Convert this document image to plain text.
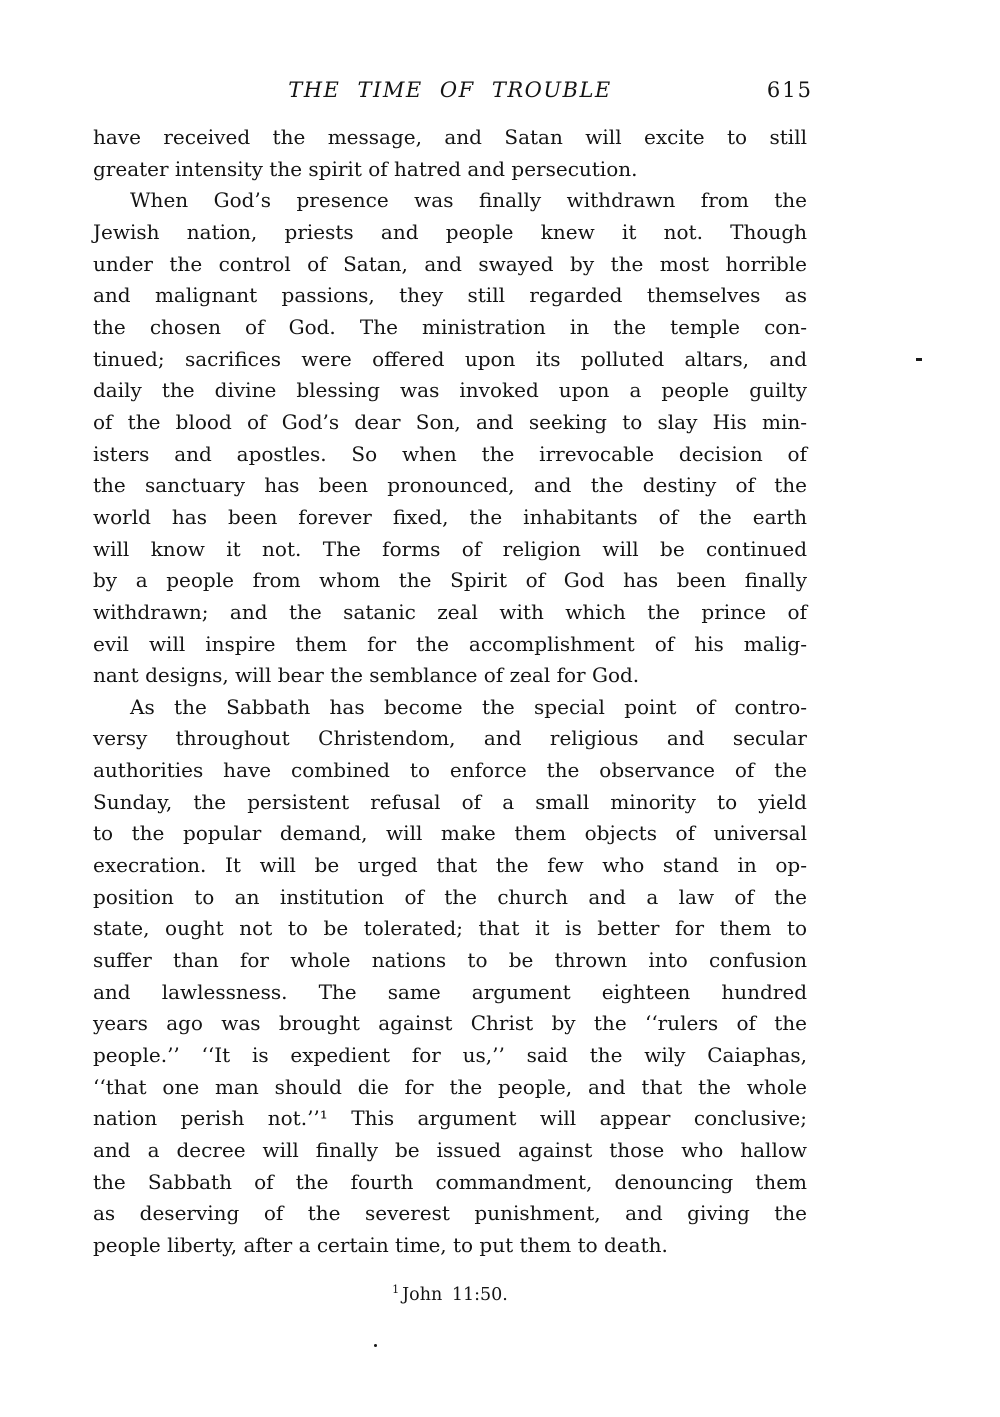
THE TIME OF TROUBLE	615
have received the message, and Satan will excite to still
greater intensity the spirit of hatred and persecution.
When God’s presence was finally withdrawn from the
Jewish nation, priests and people knew it not. Though
under the control of Satan, and swayed by the most horrible
and malignant passions, they still regarded themselves as
the chosen of God. The ministration in the temple con-
tinued; sacrifices were offered upon its polluted altars, and
daily the divine blessing was invoked upon a people guilty
of the blood of God’s dear Son, and seeking to slay His min-
isters and apostles. So when the irrevocable decision of
the sanctuary has been pronounced, and the destiny of the
world has been forever fixed, the inhabitants of the earth
will know it not. The forms of religion will be continued
by a people from whom the Spirit of God has been finally
withdrawn; and the satanic zeal with which the prince of
evil will inspire them for the accomplishment of his malig-
nant designs, will bear the semblance of zeal for God.
As the Sabbath has become the special point of contro-
versy throughout Christendom, and religious and secular
authorities have combined to enforce the observance of the
Sunday, the persistent refusal of a small minority to yield
to the popular demand, will make them objects of universal
execration. It will be urged that the few who stand in op-
position to an institution of the church and a law of the
state, ought not to be tolerated; that it is better for them to
suffer than for whole nations to be thrown into confusion
and lawlessness. The same argument eighteen hundred
years ago was brought against Christ by the ‘‘rulers of the
people.’’ ‘‘It is expedient for us,’’ said the wily Caiaphas,
‘‘that one man should die for the people, and that the whole
nation perish not.’’¹ This argument will appear conclusive;
and a decree will finally be issued against those who hallow
the Sabbath of the fourth commandment, denouncing them
as deserving of the severest punishment, and giving the
people liberty, after a certain time, to put them to death.
$^1$ John 11:50.
